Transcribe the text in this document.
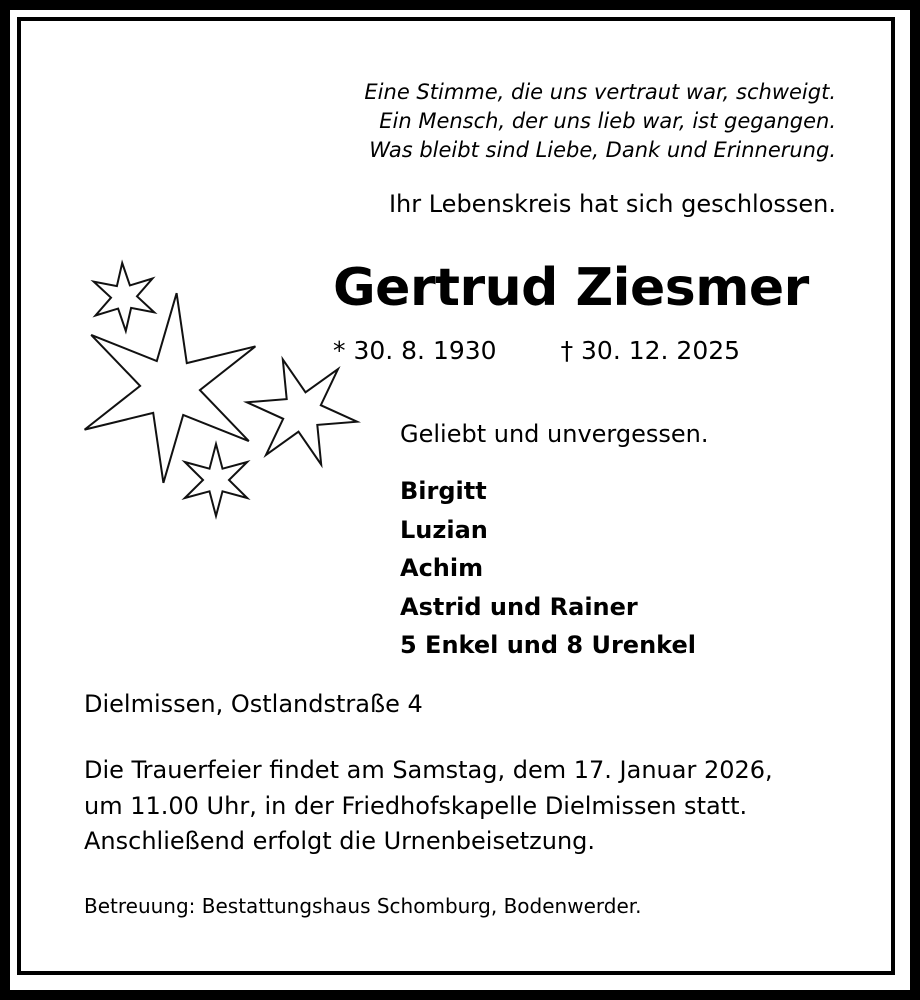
Eine Stimme, die uns vertraut war, schweigt.
Ein Mensch, der uns lieb war, ist gegangen.
Was bleibt sind Liebe, Dank und Erinnerung.
Ihr Lebenskreis hat sich geschlossen.
Gertrud Ziesmer
* 30. 8. 1930	† 30. 12. 2025
Geliebt und unvergessen.
Birgitt
Luzian
Achim
Astrid und Rainer
5 Enkel und 8 Urenkel
Dielmissen, Ostlandstraße 4
Die Trauerfeier findet am Samstag, dem 17. Januar 2026,
um 11.00 Uhr, in der Friedhofskapelle Dielmissen statt.
Anschließend erfolgt die Urnenbeisetzung.
Betreuung: Bestattungshaus Schomburg, Bodenwerder.
